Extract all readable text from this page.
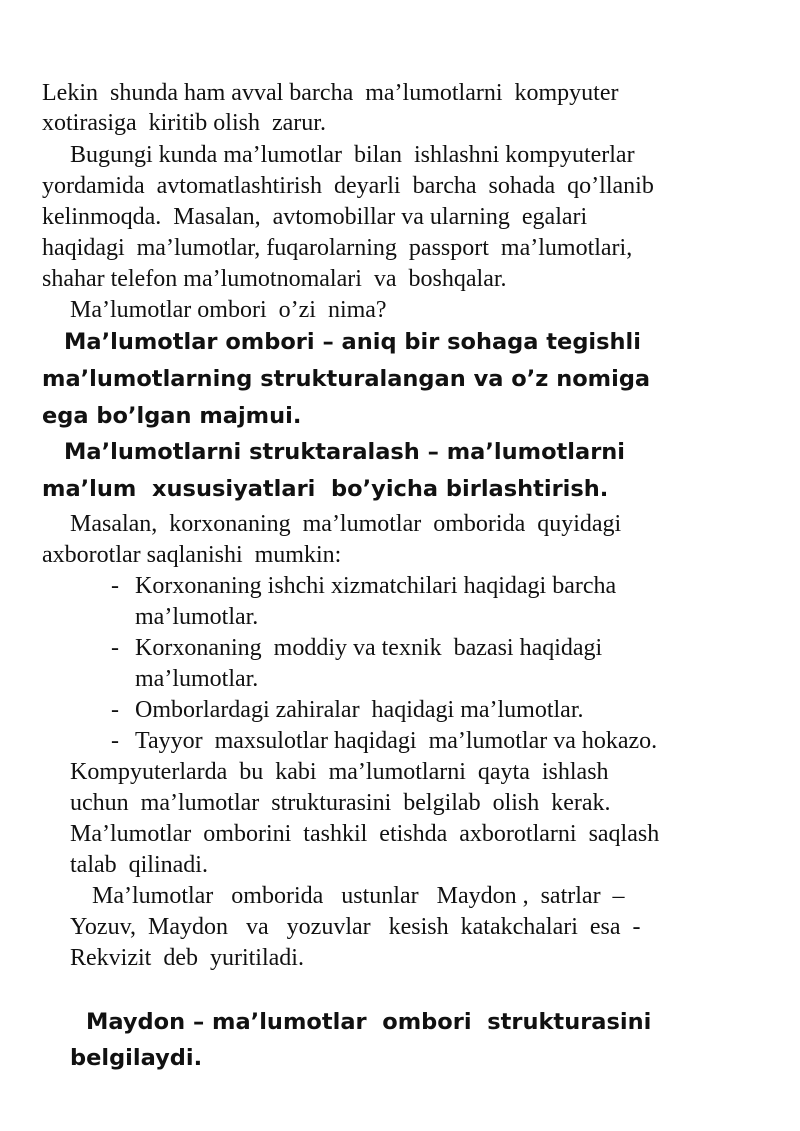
Lekin  shunda ham avval barcha  ma’lumotlarni  kompyuter

xotirasiga  kiritib olish  zarur.

Bugungi kunda ma’lumotlar  bilan  ishlashni kompyuterlar

yordamida  avtomatlashtirish  deyarli  barcha  sohada  qo’llanib

kelinmoqda.  Masalan,  avtomobillar va ularning  egalari

haqidagi  ma’lumotlar, fuqarolarning  passport  ma’lumotlari,

shahar telefon ma’lumotnomalari  va  boshqalar.

Ma’lumotlar ombori  o’zi  nima?

Ma’lumotlar ombori – aniq bir sohaga tegishli

ma’lumotlarning strukturalangan va o’z nomiga

ega bo’lgan majmui.

Ma’lumotlarni struktaralash – ma’lumotlarni

ma’lum  xususiyatlari  bo’yicha birlashtirish.

Masalan,  korxonaning  ma’lumotlar  omborida  quyidagi

axborotlar saqlanishi  mumkin:

- Korxonaning ishchi xizmatchilari haqidagi barcha

ma’lumotlar.

- Korxonaning  moddiy va texnik  bazasi haqidagi

ma’lumotlar.

- Omborlardagi zahiralar  haqidagi ma’lumotlar.

- Tayyor  maxsulotlar haqidagi  ma’lumotlar va hokazo.

Kompyuterlarda  bu  kabi  ma’lumotlarni  qayta  ishlash

uchun  ma’lumotlar  strukturasini  belgilab  olish  kerak.

Ma’lumotlar  omborini  tashkil  etishda  axborotlarni  saqlash

talab  qilinadi.

Ma’lumotlar   omborida   ustunlar   Maydon ,  satrlar  –

Yozuv,  Maydon   va   yozuvlar   kesish  katakchalari  esa  -

Rekvizit  deb  yuritiladi.

Maydon – ma’lumotlar  ombori  strukturasini

belgilaydi.
